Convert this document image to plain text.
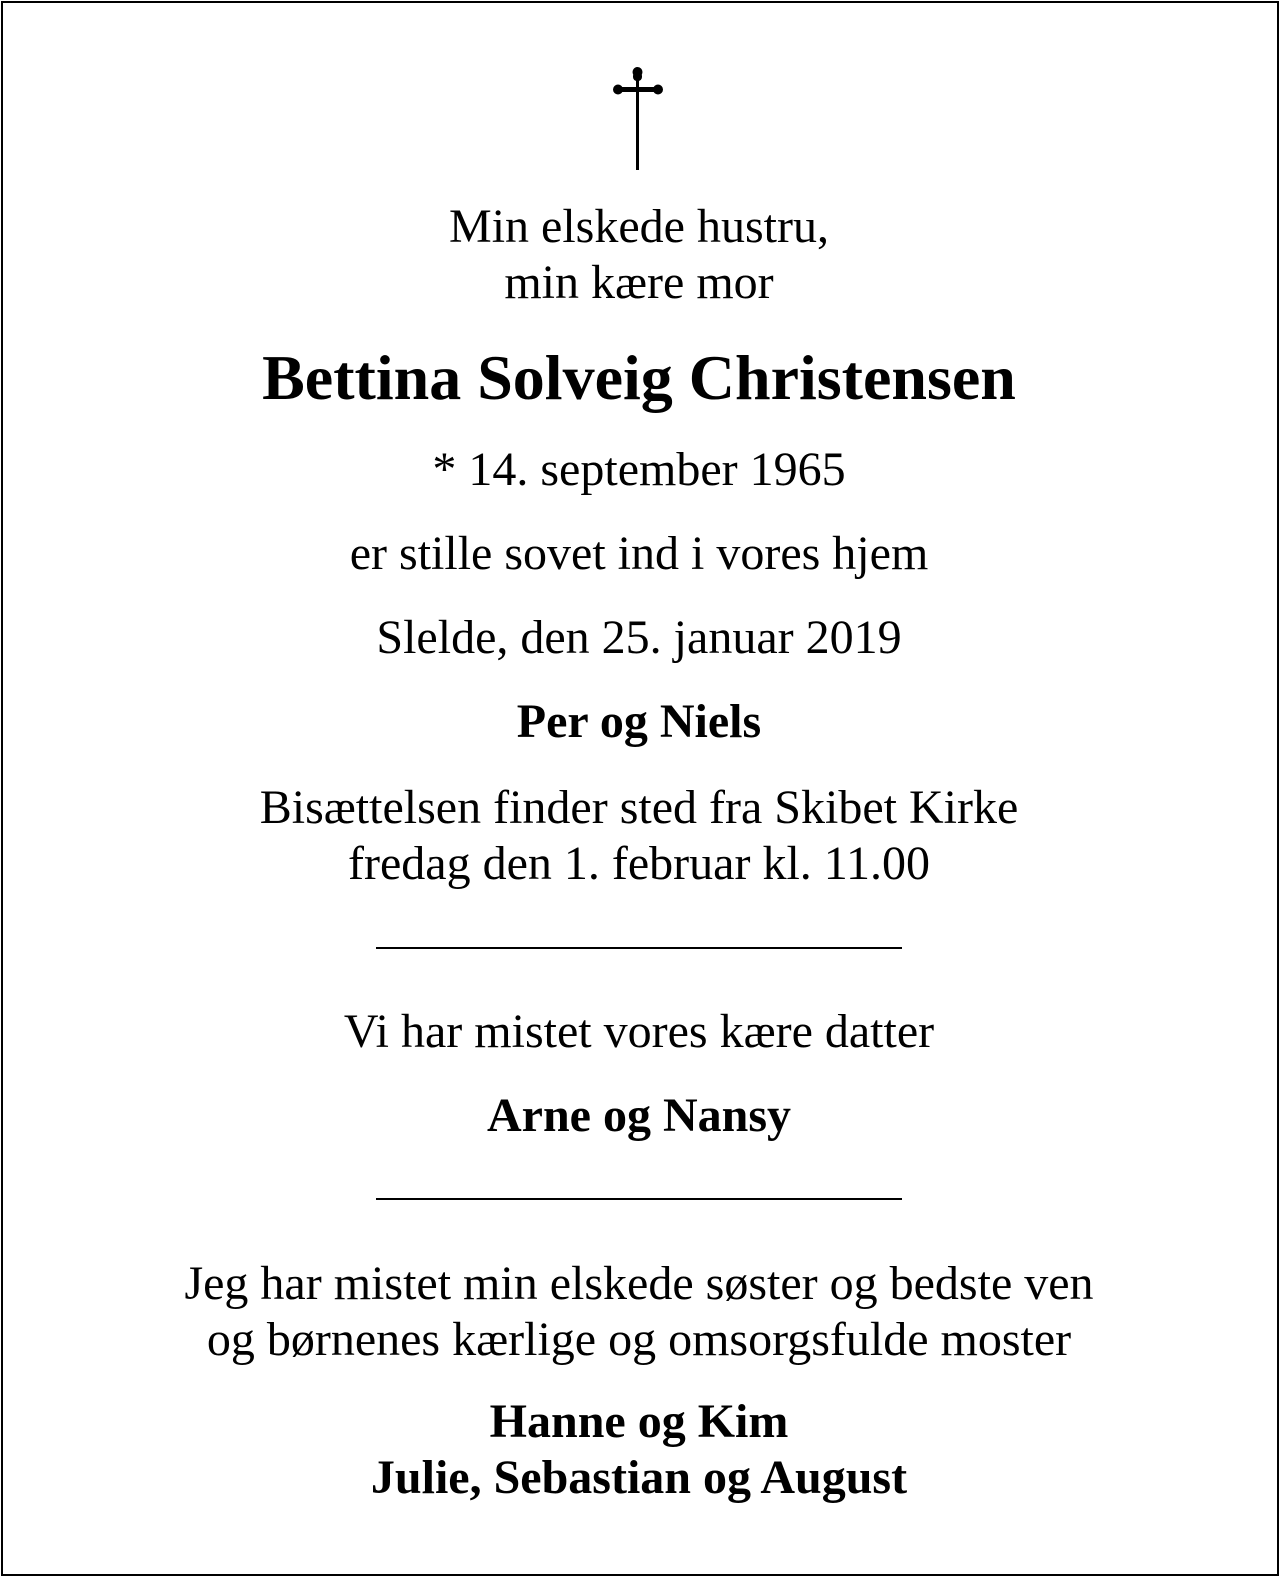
Min elskede hustru,
min kære mor
Bettina Solveig Christensen
* 14. september 1965
er stille sovet ind i vores hjem
Slelde, den 25. januar 2019
Per og Niels
Bisættelsen finder sted fra Skibet Kirke
fredag den 1. februar kl. 11.00
Vi har mistet vores kære datter
Arne og Nansy
Jeg har mistet min elskede søster og bedste ven
og børnenes kærlige og omsorgsfulde moster
Hanne og Kim
Julie, Sebastian og August
